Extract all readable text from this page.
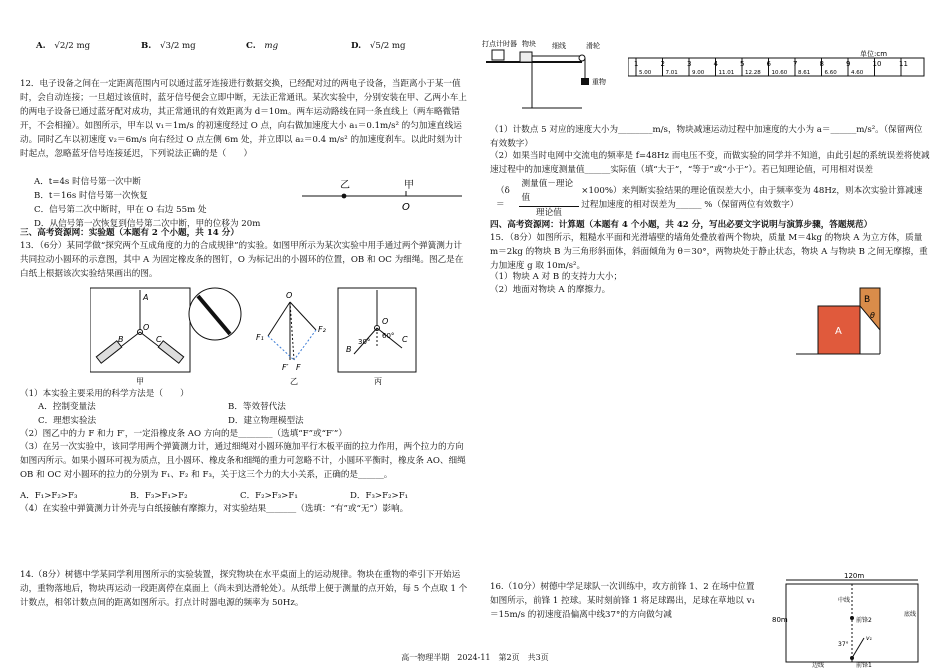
A. √2/2 mg	B. √3/2 mg	C. mg	D. √5/2 mg

12．电子设备之间在一定距离范围内可以通过蓝牙连接进行数据交换，已经配对过的两电子设备，当距离小于某一值时，会自动连接；一旦超过该值时，蓝牙信号便会立即中断，无法正常通讯。某次实验中，分别安装在甲、乙两小车上的两电子设备已通过蓝牙配对成功，其正常通讯的有效距离为 d＝10m。两车运动路线在同一条直线上（两车略微错开，不会相撞）。如图所示，甲车以 v₁＝1m/s 的初速度经过 O 点，向右做加速度大小 a₁＝0.1m/s² 的匀加速直线运动。同时乙车以初速度 v₂＝6m/s 向右经过 O 点左侧 6m 处，并立即以 a₂＝0.4 m/s² 的加速度刹车。以此时刻为计时起点，忽略蓝牙信号连接延迟，下列说法正确的是（　　）

A．t=4s 时信号第一次中断
B．t＝16s 时信号第一次恢复
C．信号第二次中断时，甲在 O 右边 55m 处
D．从信号第一次恢复到信号第二次中断，甲的位移为 20m
乙	甲
O

三、高考资源网：实验题（本题有 2 个小题，共 14 分）

13．（6分）某同学做“探究两个互成角度的力的合成规律”的实验。如图甲所示为某次实验中用手通过两个弹簧测力计共同拉动小圆环的示意图，其中 A 为固定橡皮条的图钉，O 为标记出的小圆环的位置，OB 和 OC 为细绳。图乙是在白纸上根据该次实验结果画出的图。

A
O
B	C
甲
O
F₁
F₂
F′ F
乙
O
60°
30°
B
C
丙

（1）本实验主要采用的科学方法是（　　）

A．控制变量法	B．等效替代法
C．理想实验法	D．建立物理模型法

（2）图乙中的力 F 和力 F′，一定沿橡皮条 AO 方向的是________（选填“F”或“F′”）

（3）在另一次实验中，该同学用两个弹簧测力计，通过细绳对小圆环施加平行木板平面的拉力作用，两个拉力的方向如图丙所示。如果小圆环可视为质点，且小圆环、橡皮条和细绳的重力可忽略不计，小圆环平衡时，橡皮条 AO、细绳 OB 和 OC 对小圆环的拉力的分别为 F₁、F₂ 和 F₃，关于这三个力的大小关系，正确的是______。

A．F₁>F₂>F₃	B．F₃>F₁>F₂	C．F₂>F₃>F₁	D．F₃>F₂>F₁

（4）在实验中弹簧测力计外壳与白纸接触有摩擦力，对实验结果_______（选填：“有”或“无”）影响。

14.（8分）树德中学某同学利用图所示的实验装置，探究物块在水平桌面上的运动规律。物块在重物的牵引下开始运动，重物落地后，物块再运动一段距离停在桌面上（尚未到达滑轮处）。从纸带上便于测量的点开始，每 5 个点取 1 个计数点，相邻计数点间的距离如图所示。打点计时器电源的频率为 50Hz。

打点计时器 物块 细线	滑轮
重物
单位:cm
1	2
5.00
3
7.01
4
9.00
5
11.01
6
12.28
7
10.60
8
8.61
9
6.60
10
4.60
11

（1）计数点 5 对应的速度大小为________m/s，物块减速运动过程中加速度的大小为 a＝______m/s²。（保留两位有效数字）

（2）如果当时电网中交流电的频率是 f=48Hz 而电压不变，而做实验的同学并不知道，由此引起的系统误差将使减速过程中的加速度测量值______实际值（填“大于”，“等于”或“小于”）。若已知理论值，可用相对误差

（δ＝
测量值－理论值
理论值
×100%）来判断实验结果的理论值误差大小，由于频率变为 48Hz，则本次实验计算减速过程加速度的相对误差为______ %（保留两位有效数字）

四、高考资源网：计算题（本题有 4 个小题，共 42 分，写出必要文字说明与演算步骤，答题规范）

15．（8分）如图所示，粗糙水平面和光滑墙壁的墙角处叠放着两个物块，质量 M＝4kg 的物块 A 为立方体，质量 m＝2kg 的物块 B 为三角形斜面体，斜面倾角为 θ＝30°，两物块处于静止状态，物块 A 与物块 B 之间无摩擦，重力加速度 g 取 10m/s²。

（1）物块 A 对 B 的支持力大小；

（2）地面对物块 A 的摩擦力。

A
B
θ

16.（10分）树德中学足球队一次训练中，攻方前锋 1、2 在场中位置如图所示，前锋 1 控球。某时刻前锋 1 将足球踢出，足球在草地以 v₁＝15m/s 的初速度沿偏离中线37°的方向做匀减

120m
80m
中线
底线
边线
前锋2
前锋1
v₁
37°
高一物理半期　2024-11　第2页　共3页
